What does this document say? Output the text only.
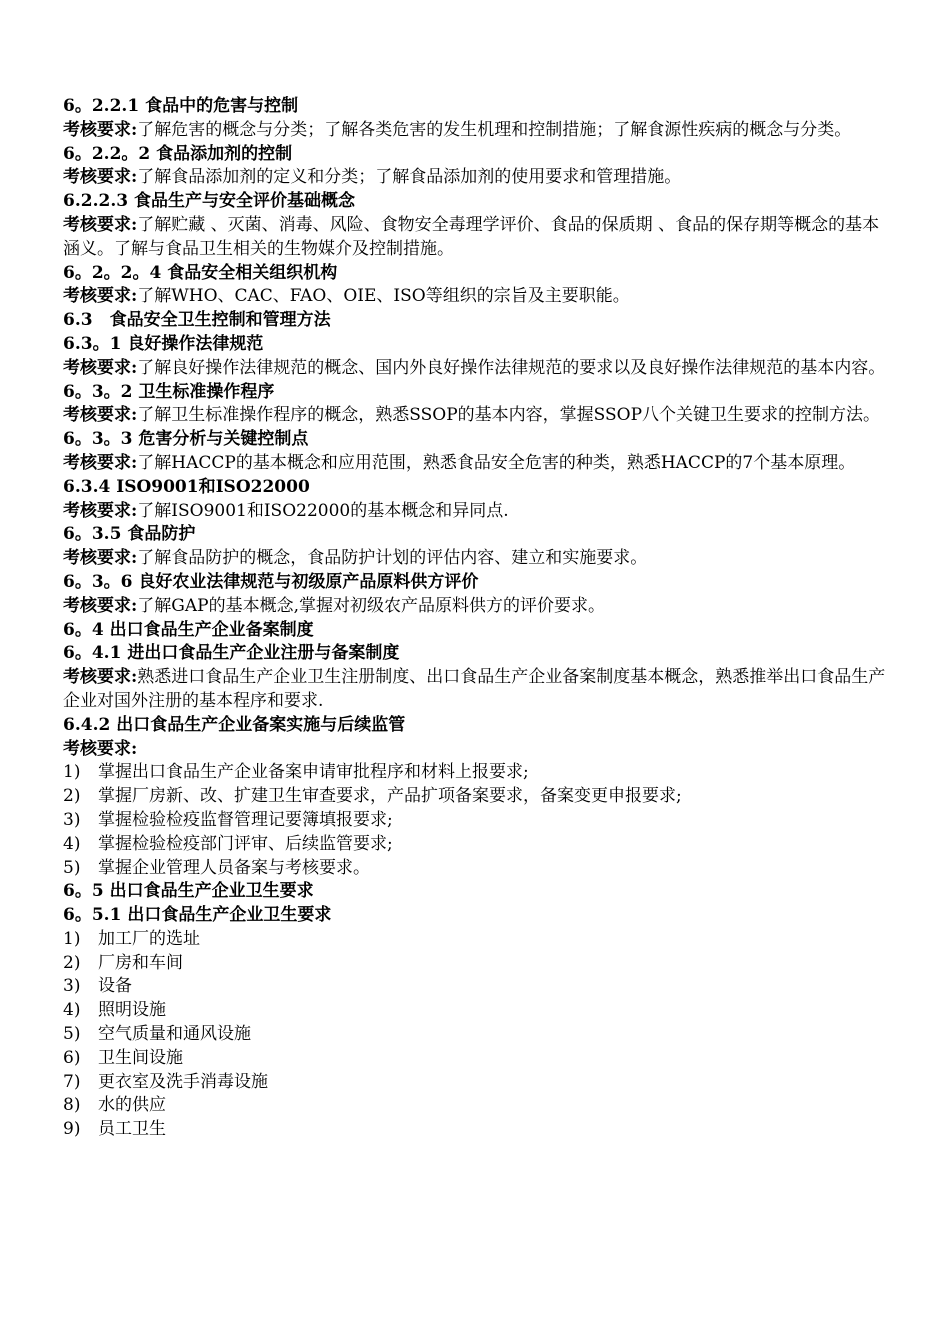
6。2.2.1 食品中的危害与控制

考核要求:了解危害的概念与分类；了解各类危害的发生机理和控制措施；了解食源性疾病的概念与分类。

6。2.2。2 食品添加剂的控制

考核要求:了解食品添加剂的定义和分类；了解食品添加剂的使用要求和管理措施。

6.2.2.3 食品生产与安全评价基础概念

考核要求:了解贮藏 、灭菌、消毒、风险、食物安全毒理学评价、食品的保质期 、食品的保存期等概念的基本涵义。了解与食品卫生相关的生物媒介及控制措施。

6。2。2。4 食品安全相关组织机构

考核要求:了解WHO、CAC、FAO、OIE、ISO等组织的宗旨及主要职能。

6.3　食品安全卫生控制和管理方法

6.3。1 良好操作法律规范

考核要求:了解良好操作法律规范的概念、国内外良好操作法律规范的要求以及良好操作法律规范的基本内容。

6。3。2 卫生标准操作程序

考核要求:了解卫生标准操作程序的概念，熟悉SSOP的基本内容，掌握SSOP八个关键卫生要求的控制方法。

6。3。3 危害分析与关键控制点

考核要求:了解HACCP的基本概念和应用范围，熟悉食品安全危害的种类，熟悉HACCP的7个基本原理。

6.3.4 ISO9001和ISO22000

考核要求:了解ISO9001和ISO22000的基本概念和异同点.

6。3.5 食品防护

考核要求:了解食品防护的概念，食品防护计划的评估内容、建立和实施要求。

6。3。6 良好农业法律规范与初级原产品原料供方评价

考核要求:了解GAP的基本概念,掌握对初级农产品原料供方的评价要求。

6。4 出口食品生产企业备案制度

6。4.1 进出口食品生产企业注册与备案制度

考核要求:熟悉进口食品生产企业卫生注册制度、出口食品生产企业备案制度基本概念，熟悉推举出口食品生产企业对国外注册的基本程序和要求.

6.4.2 出口食品生产企业备案实施与后续监管

考核要求:

1) 掌握出口食品生产企业备案申请审批程序和材料上报要求;
2) 掌握厂房新、改、扩建卫生审查要求，产品扩项备案要求，备案变更申报要求;
3) 掌握检验检疫监督管理记要簿填报要求;
4) 掌握检验检疫部门评审、后续监管要求;
5) 掌握企业管理人员备案与考核要求。

6。5 出口食品生产企业卫生要求

6。5.1 出口食品生产企业卫生要求

1) 加工厂的选址
2) 厂房和车间
3) 设备
4) 照明设施
5) 空气质量和通风设施
6) 卫生间设施
7) 更衣室及洗手消毒设施
8) 水的供应
9) 员工卫生
